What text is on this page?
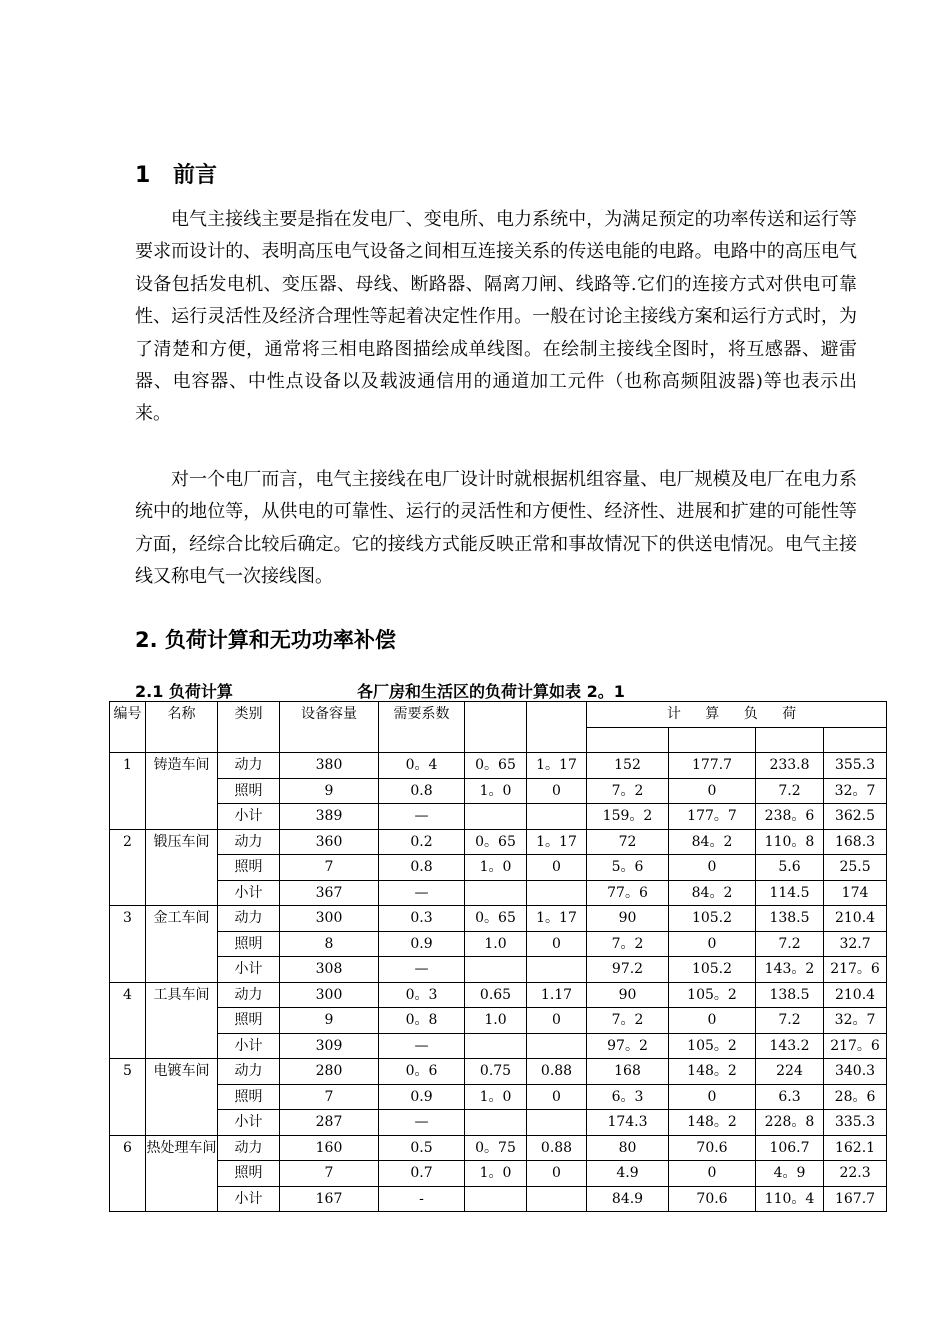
1 前言

电气主接线主要是指在发电厂、变电所、电力系统中，为满足预定的功率传送和运行等要求而设计的、表明高压电气设备之间相互连接关系的传送电能的电路。电路中的高压电气设备包括发电机、变压器、母线、断路器、隔离刀闸、线路等.它们的连接方式对供电可靠性、运行灵活性及经济合理性等起着决定性作用。一般在讨论主接线方案和运行方式时，为了清楚和方便，通常将三相电路图描绘成单线图。在绘制主接线全图时，将互感器、避雷器、电容器、中性点设备以及载波通信用的通道加工元件（也称高频阻波器)等也表示出来。

对一个电厂而言，电气主接线在电厂设计时就根据机组容量、电厂规模及电厂在电力系统中的地位等，从供电的可靠性、运行的灵活性和方便性、经济性、进展和扩建的可能性等方面，经综合比较后确定。它的接线方式能反映正常和事故情况下的供送电情况。电气主接线又称电气一次接线图。

2. 负荷计算和无功功率补偿
2.1 负荷计算	各厂房和生活区的负荷计算如表 2。1
编号	名称	类别	设备容量	需要系数			计 算 负 荷			

1	铸造车间	动力	380	0。4	0。65	1。17	152	177.7	233.8	355.3
		照明	9	0.8	1。0	0	7。2	0	7.2	32。7
		小计	389	—			159。2	177。7	238。6	362.5
2	锻压车间	动力	360	0.2	0。65	1。17	72	84。2	110。8	168.3
		照明	7	0.8	1。0	0	5。6	0	5.6	25.5
		小计	367	—			77。6	84。2	114.5	174
3	金工车间	动力	300	0.3	0。65	1。17	90	105.2	138.5	210.4
		照明	8	0.9	1.0	0	7。2	0	7.2	32.7
		小计	308	—			97.2	105.2	143。2	217。6
4	工具车间	动力	300	0。3	0.65	1.17	90	105。2	138.5	210.4
		照明	9	0。8	1.0	0	7。2	0	7.2	32。7
		小计	309	—			97。2	105。2	143.2	217。6
5	电镀车间	动力	280	0。6	0.75	0.88	168	148。2	224	340.3
		照明	7	0.9	1。0	0	6。3	0	6.3	28。6
		小计	287	—			174.3	148。2	228。8	335.3
6	热处理车间	动力	160	0.5	0。75	0.88	80	70.6	106.7	162.1
		照明	7	0.7	1。0	0	4.9	0	4。9	22.3
		小计	167	-			84.9	70.6	110。4	167.7
